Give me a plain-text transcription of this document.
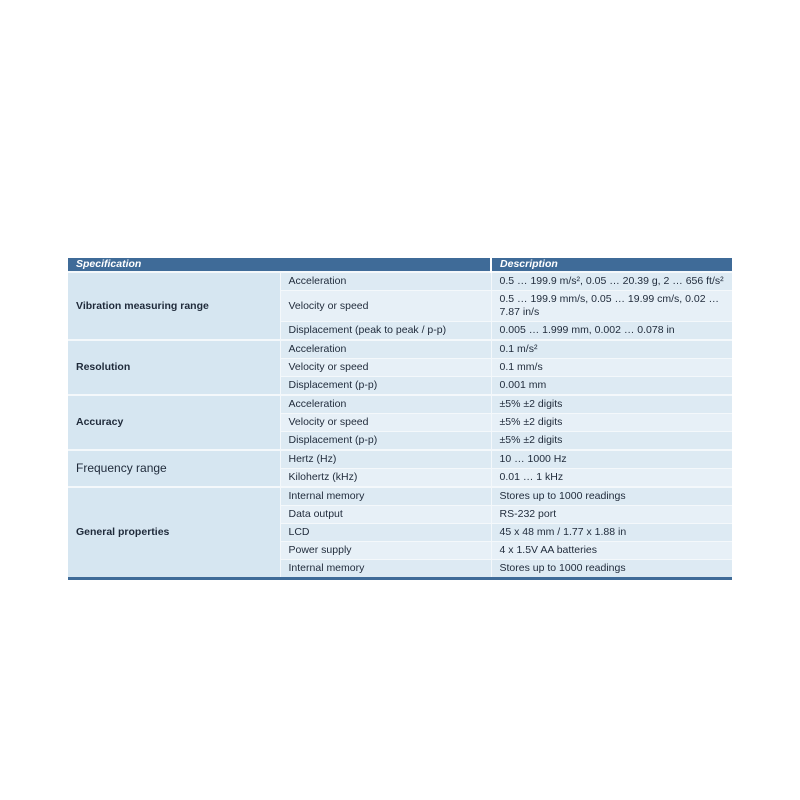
Specification		Description
Vibration measuring range	Acceleration	0.5 … 199.9 m/s², 0.05 … 20.39 g, 2 … 656 ft/s²
	Velocity or speed	0.5 … 199.9 mm/s, 0.05 … 19.99 cm/s, 0.02 … 7.87 in/s
	Displacement (peak to peak / p-p)	0.005 … 1.999 mm, 0.002 … 0.078 in
Resolution	Acceleration	0.1 m/s²
	Velocity or speed	0.1 mm/s
	Displacement (p-p)	0.001 mm
Accuracy	Acceleration	±5% ±2 digits
	Velocity or speed	±5% ±2 digits
	Displacement (p-p)	±5% ±2 digits
Frequency range	Hertz (Hz)	10 … 1000 Hz
	Kilohertz (kHz)	0.01 … 1 kHz
General properties	Internal memory	Stores up to 1000 readings
	Data output	RS-232 port
	LCD	45 x 48 mm / 1.77 x 1.88 in
	Power supply	4 x 1.5V AA batteries
	Internal memory	Stores up to 1000 readings
